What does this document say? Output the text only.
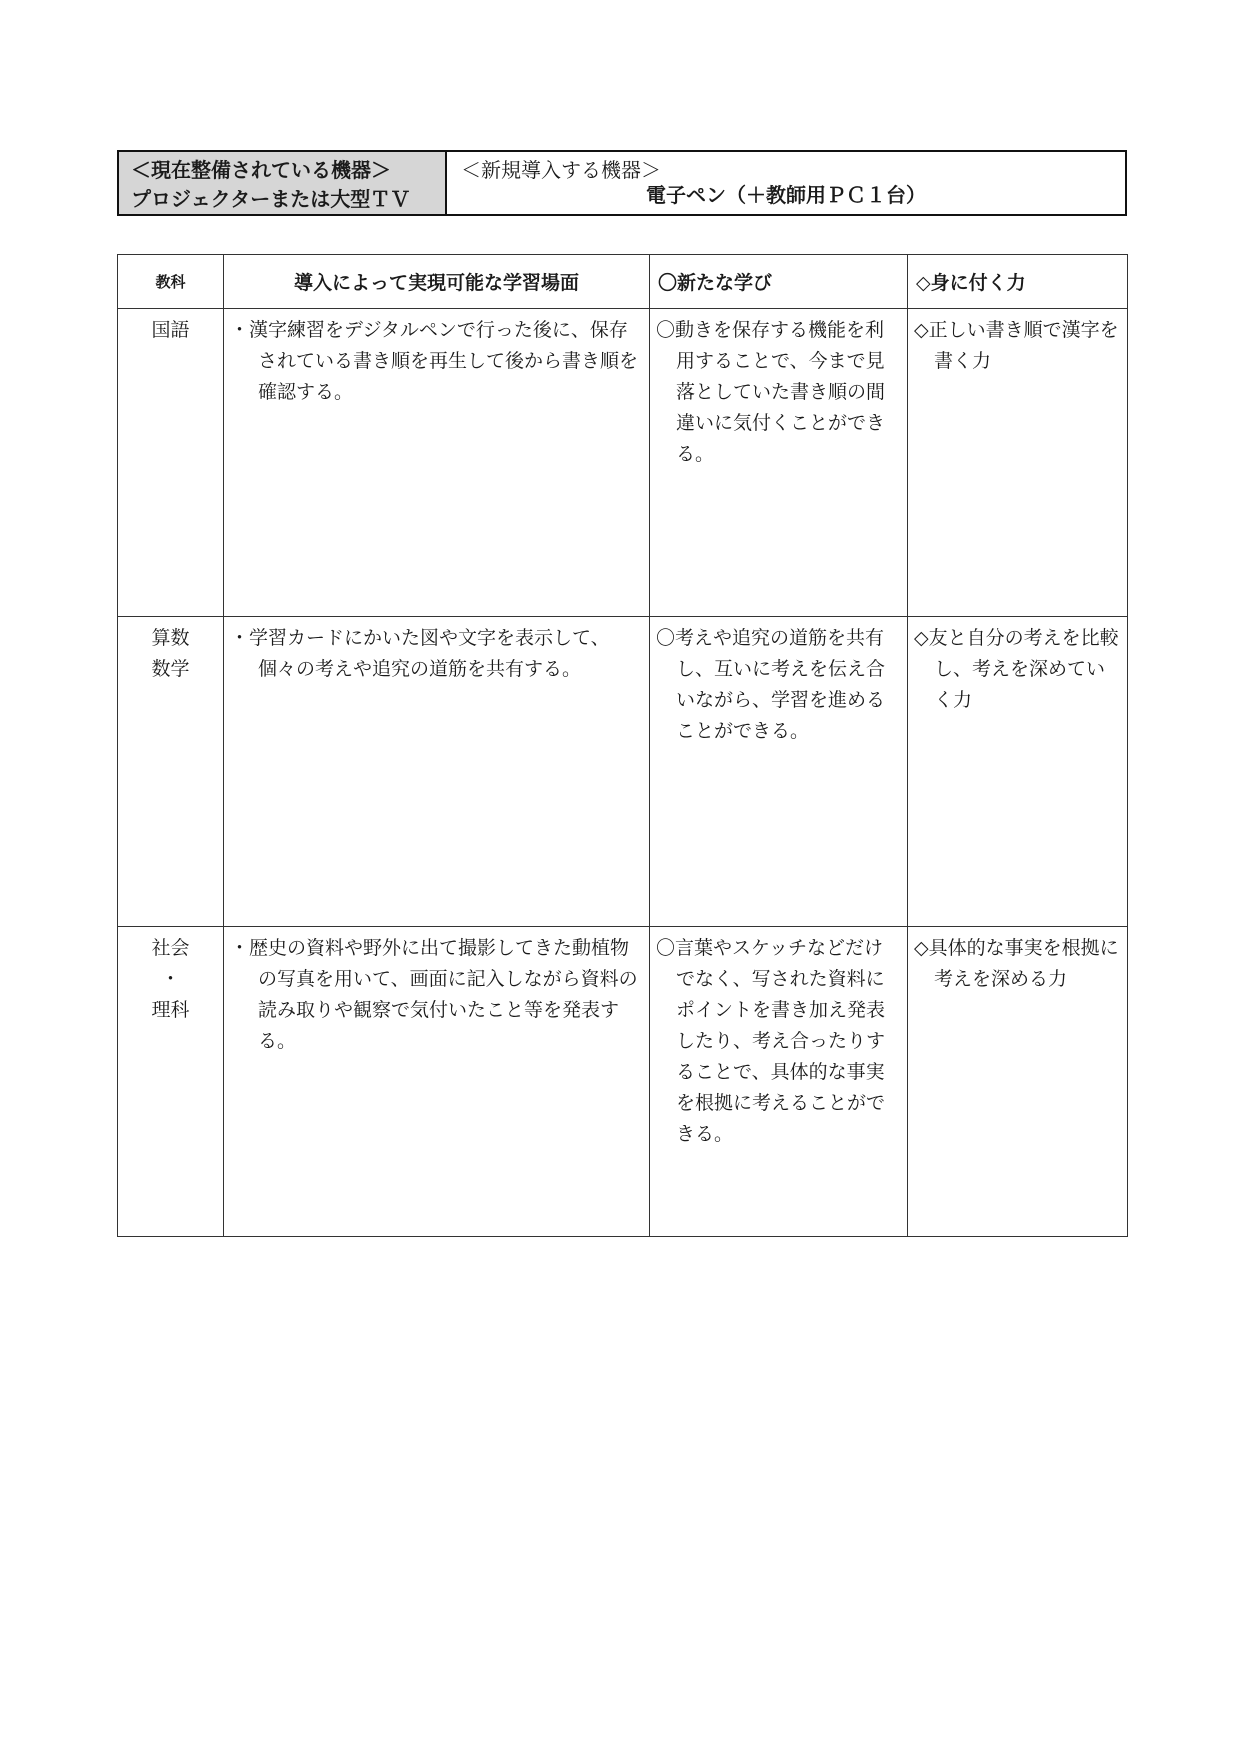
＜現在整備されている機器＞
プロジェクターまたは大型ＴＶ
＜新規導入する機器＞
電子ペン（＋教師用ＰＣ１台）
教科	導入によって実現可能な学習場面	〇新たな学び	◇身に付く力

国語	・漢字練習をデジタルペンで行った後に、保存されている書き順を再生して後から書き順を確認する。	〇動きを保存する機能を利用することで、今まで見落としていた書き順の間違いに気付くことができる。	◇正しい書き順で漢字を書く力

算数
数学	・学習カードにかいた図や文字を表示して、個々の考えや追究の道筋を共有する。	〇考えや追究の道筋を共有し、互いに考えを伝え合いながら、学習を進めることができる。	◇友と自分の考えを比較し、考えを深めていく力

社会
・
理科	・歴史の資料や野外に出て撮影してきた動植物の写真を用いて、画面に記入しながら資料の読み取りや観察で気付いたこと等を発表する。	〇言葉やスケッチなどだけでなく、写された資料にポイントを書き加え発表したり、考え合ったりすることで、具体的な事実を根拠に考えることができる。	◇具体的な事実を根拠に考えを深める力
